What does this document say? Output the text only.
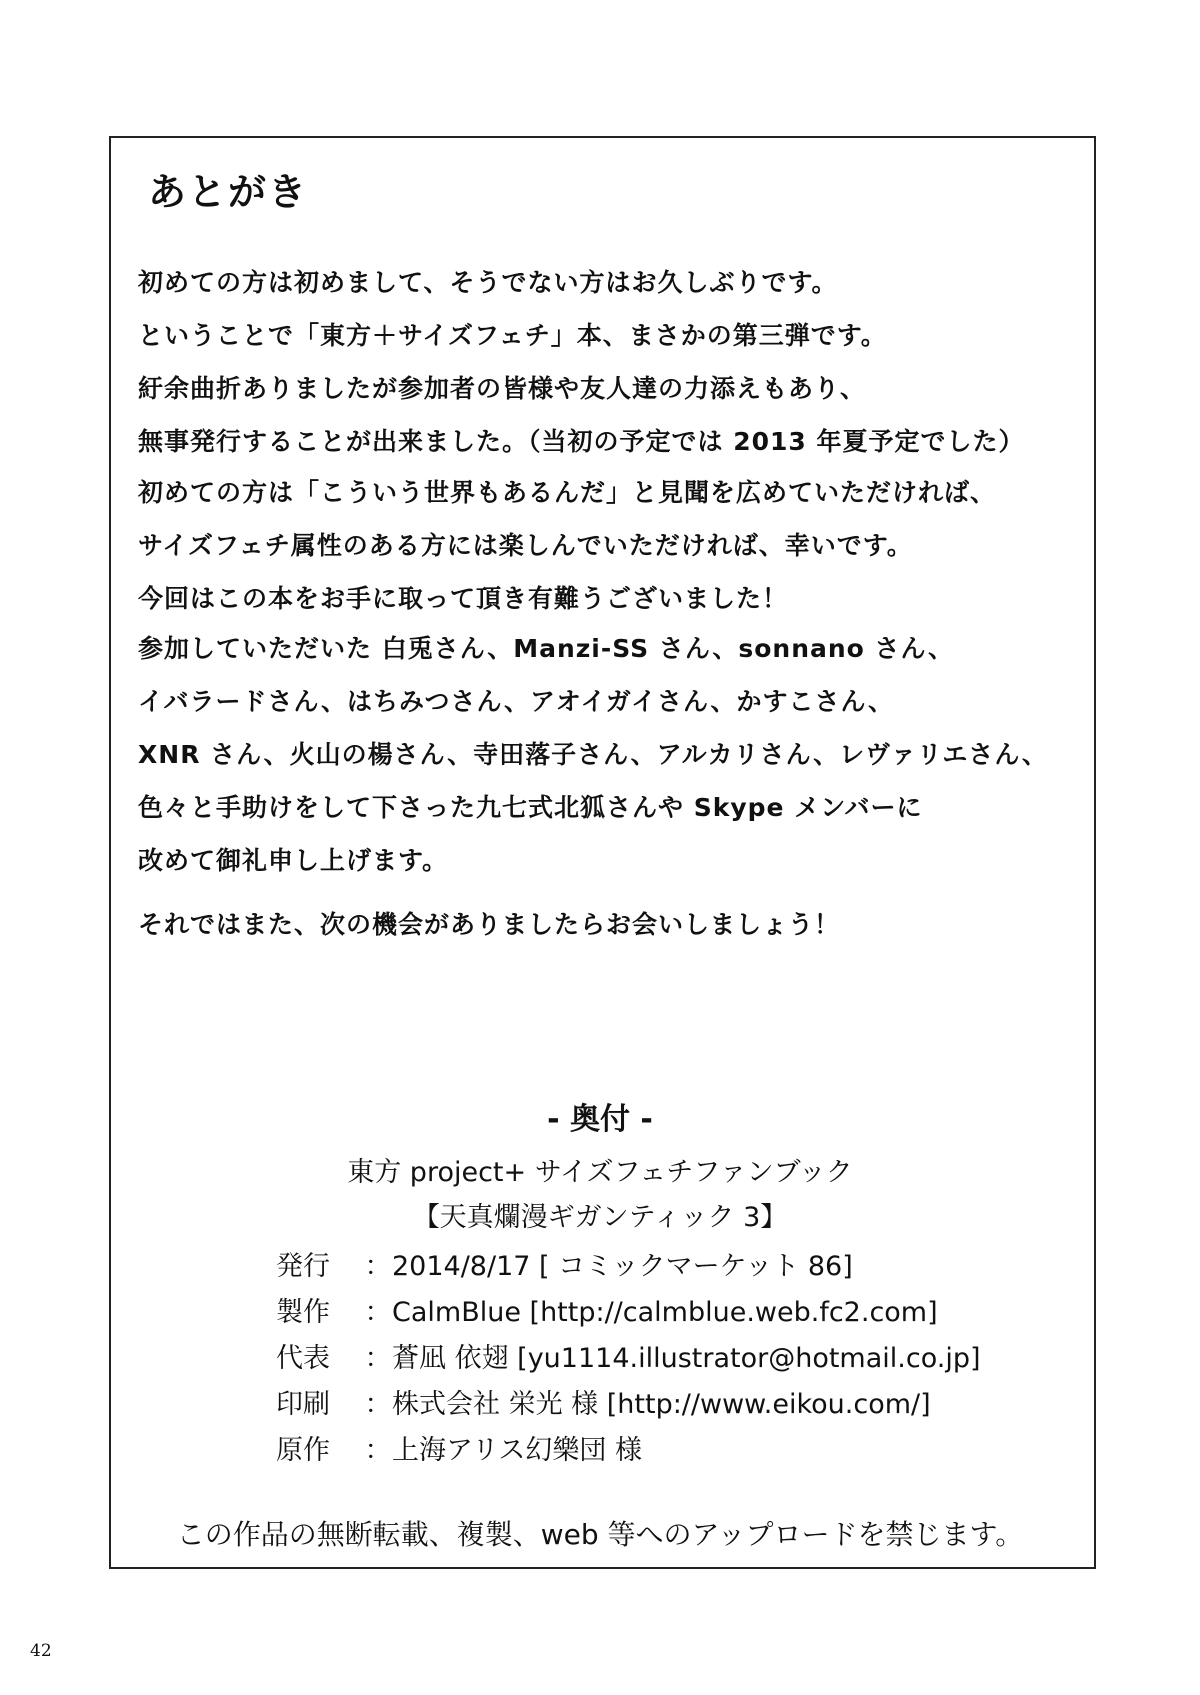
あとがき
初めての方は初めまして、そうでない方はお久しぶりです。
ということで「東方＋サイズフェチ」本、まさかの第三弾です。
紆余曲折ありましたが参加者の皆様や友人達の力添えもあり、
無事発行することが出来ました。（当初の予定では 2013 年夏予定でした）
初めての方は「こういう世界もあるんだ」と見聞を広めていただければ、
サイズフェチ属性のある方には楽しんでいただければ、幸いです。
今回はこの本をお手に取って頂き有難うございました！
参加していただいた 白兎さん、Manzi-SS さん、sonnano さん、
イバラードさん、はちみつさん、アオイガイさん、かすこさん、
XNR さん、火山の楊さん、寺田落子さん、アルカリさん、レヴァリエさん、
色々と手助けをして下さった九七式北狐さんや Skype メンバーに
改めて御礼申し上げます。
それではまた、次の機会がありましたらお会いしましょう！
- 奥付 -

東方 project+ サイズフェチファンブック

【天真爛漫ギガンティック 3】

発行	： 2014/8/17 [ コミックマーケット 86]
製作	： CalmBlue [http://calmblue.web.fc2.com]
代表	： 蒼凪 依翅 [yu1114.illustrator@hotmail.co.jp]
印刷	： 株式会社 栄光 様 [http://www.eikou.com/]
原作	： 上海アリス幻樂団 様

この作品の無断転載、複製、web 等へのアップロードを禁じます。

42
